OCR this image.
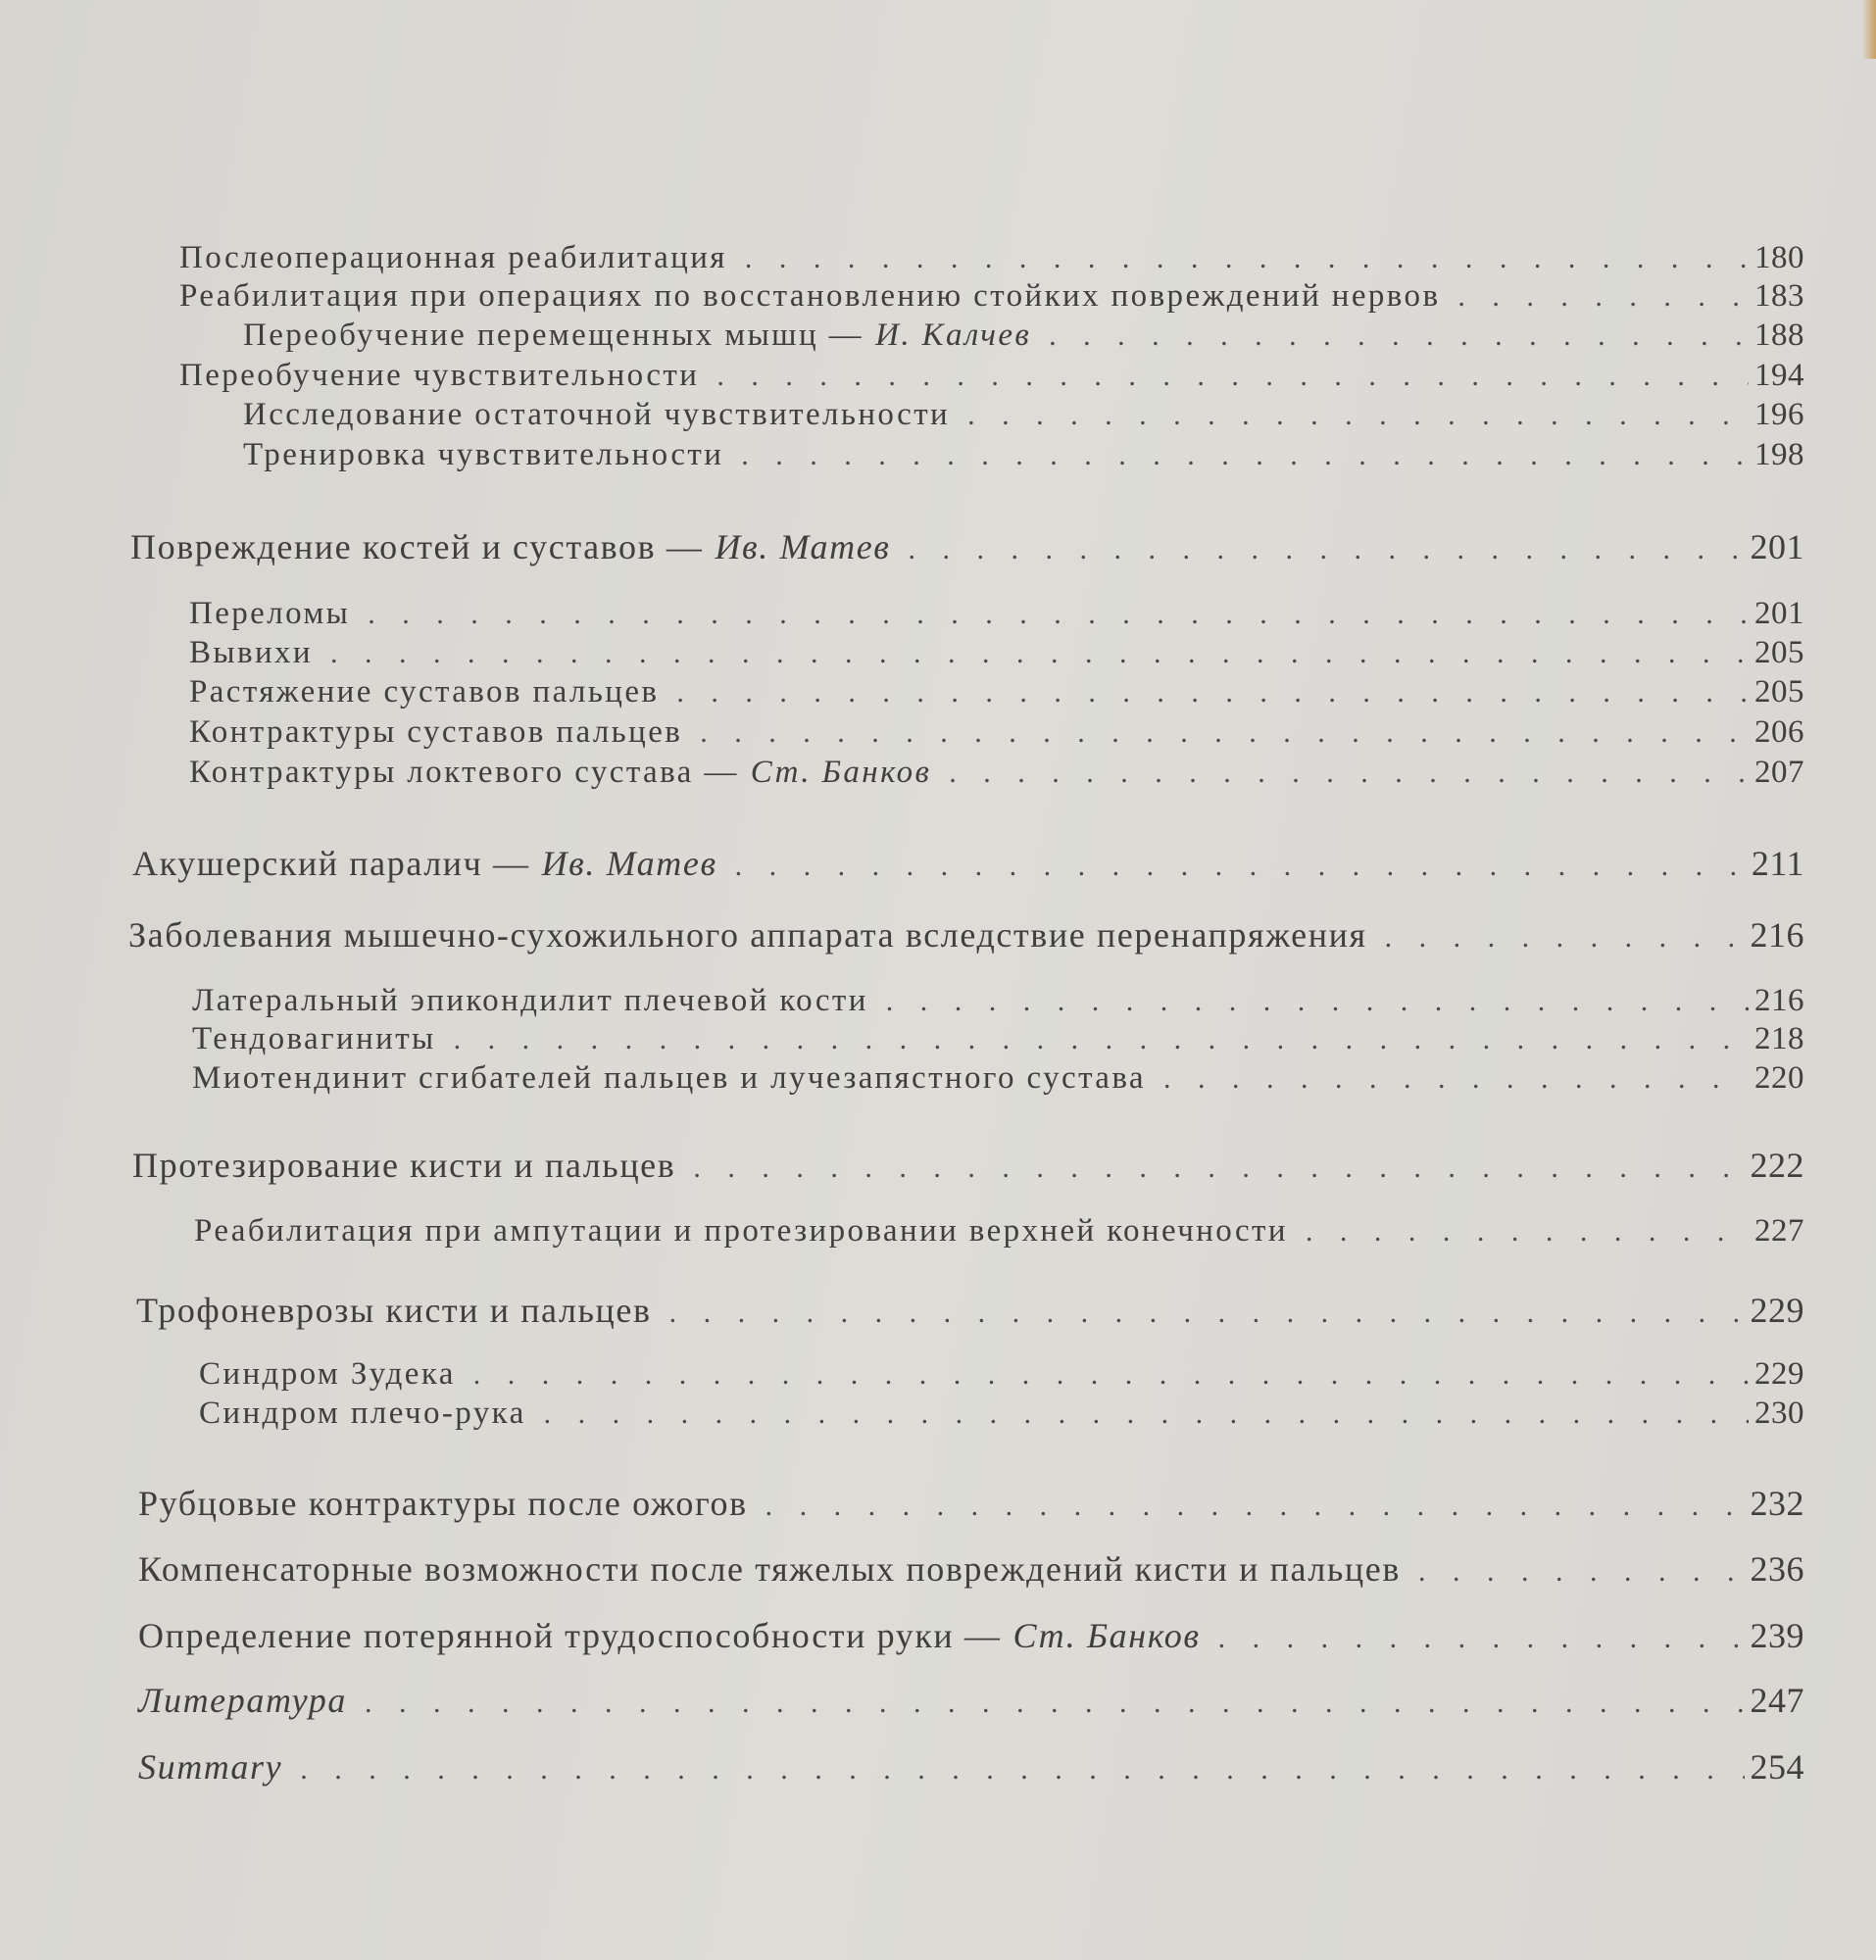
Послеоперационная реабилитация . . .	180
Реабилитация при операциях по восстановлению стойких повреждений нервов . . .	183
Переобучение перемещенных мышц — И. Калчев . . .	188
Переобучение чувствительности . . .	194
Исследование остаточной чувствительности . . .	196
Тренировка чувствительности . . .	198
Повреждение костей и суставов — Ив. Матев . . .	201
Переломы . . .	201
Вывихи . . .	205
Растяжение суставов пальцев . . .	205
Контрактуры суставов пальцев . . .	206
Контрактуры локтевого сустава — Ст. Банков . . .	207
Акушерский паралич — Ив. Матев . . .	211
Заболевания мышечно-сухожильного аппарата вследствие перенапряжения . . .	216
Латеральный эпикондилит плечевой кости . . .	216
Тендовагиниты . . .	218
Миотендинит сгибателей пальцев и лучезапястного сустава . . .	220
Протезирование кисти и пальцев . . .	222
Реабилитация при ампутации и протезировании верхней конечности . . .	227
Трофоневрозы кисти и пальцев . . .	229
Синдром Зудека . . .	229
Синдром плечо-рука . . .	230
Рубцовые контрактуры после ожогов . . .	232
Компенсаторные возможности после тяжелых повреждений кисти и пальцев . . .	236
Определение потерянной трудоспособности руки — Ст. Банков . . .	239
Литература . . .	247
Summary . . .	254
